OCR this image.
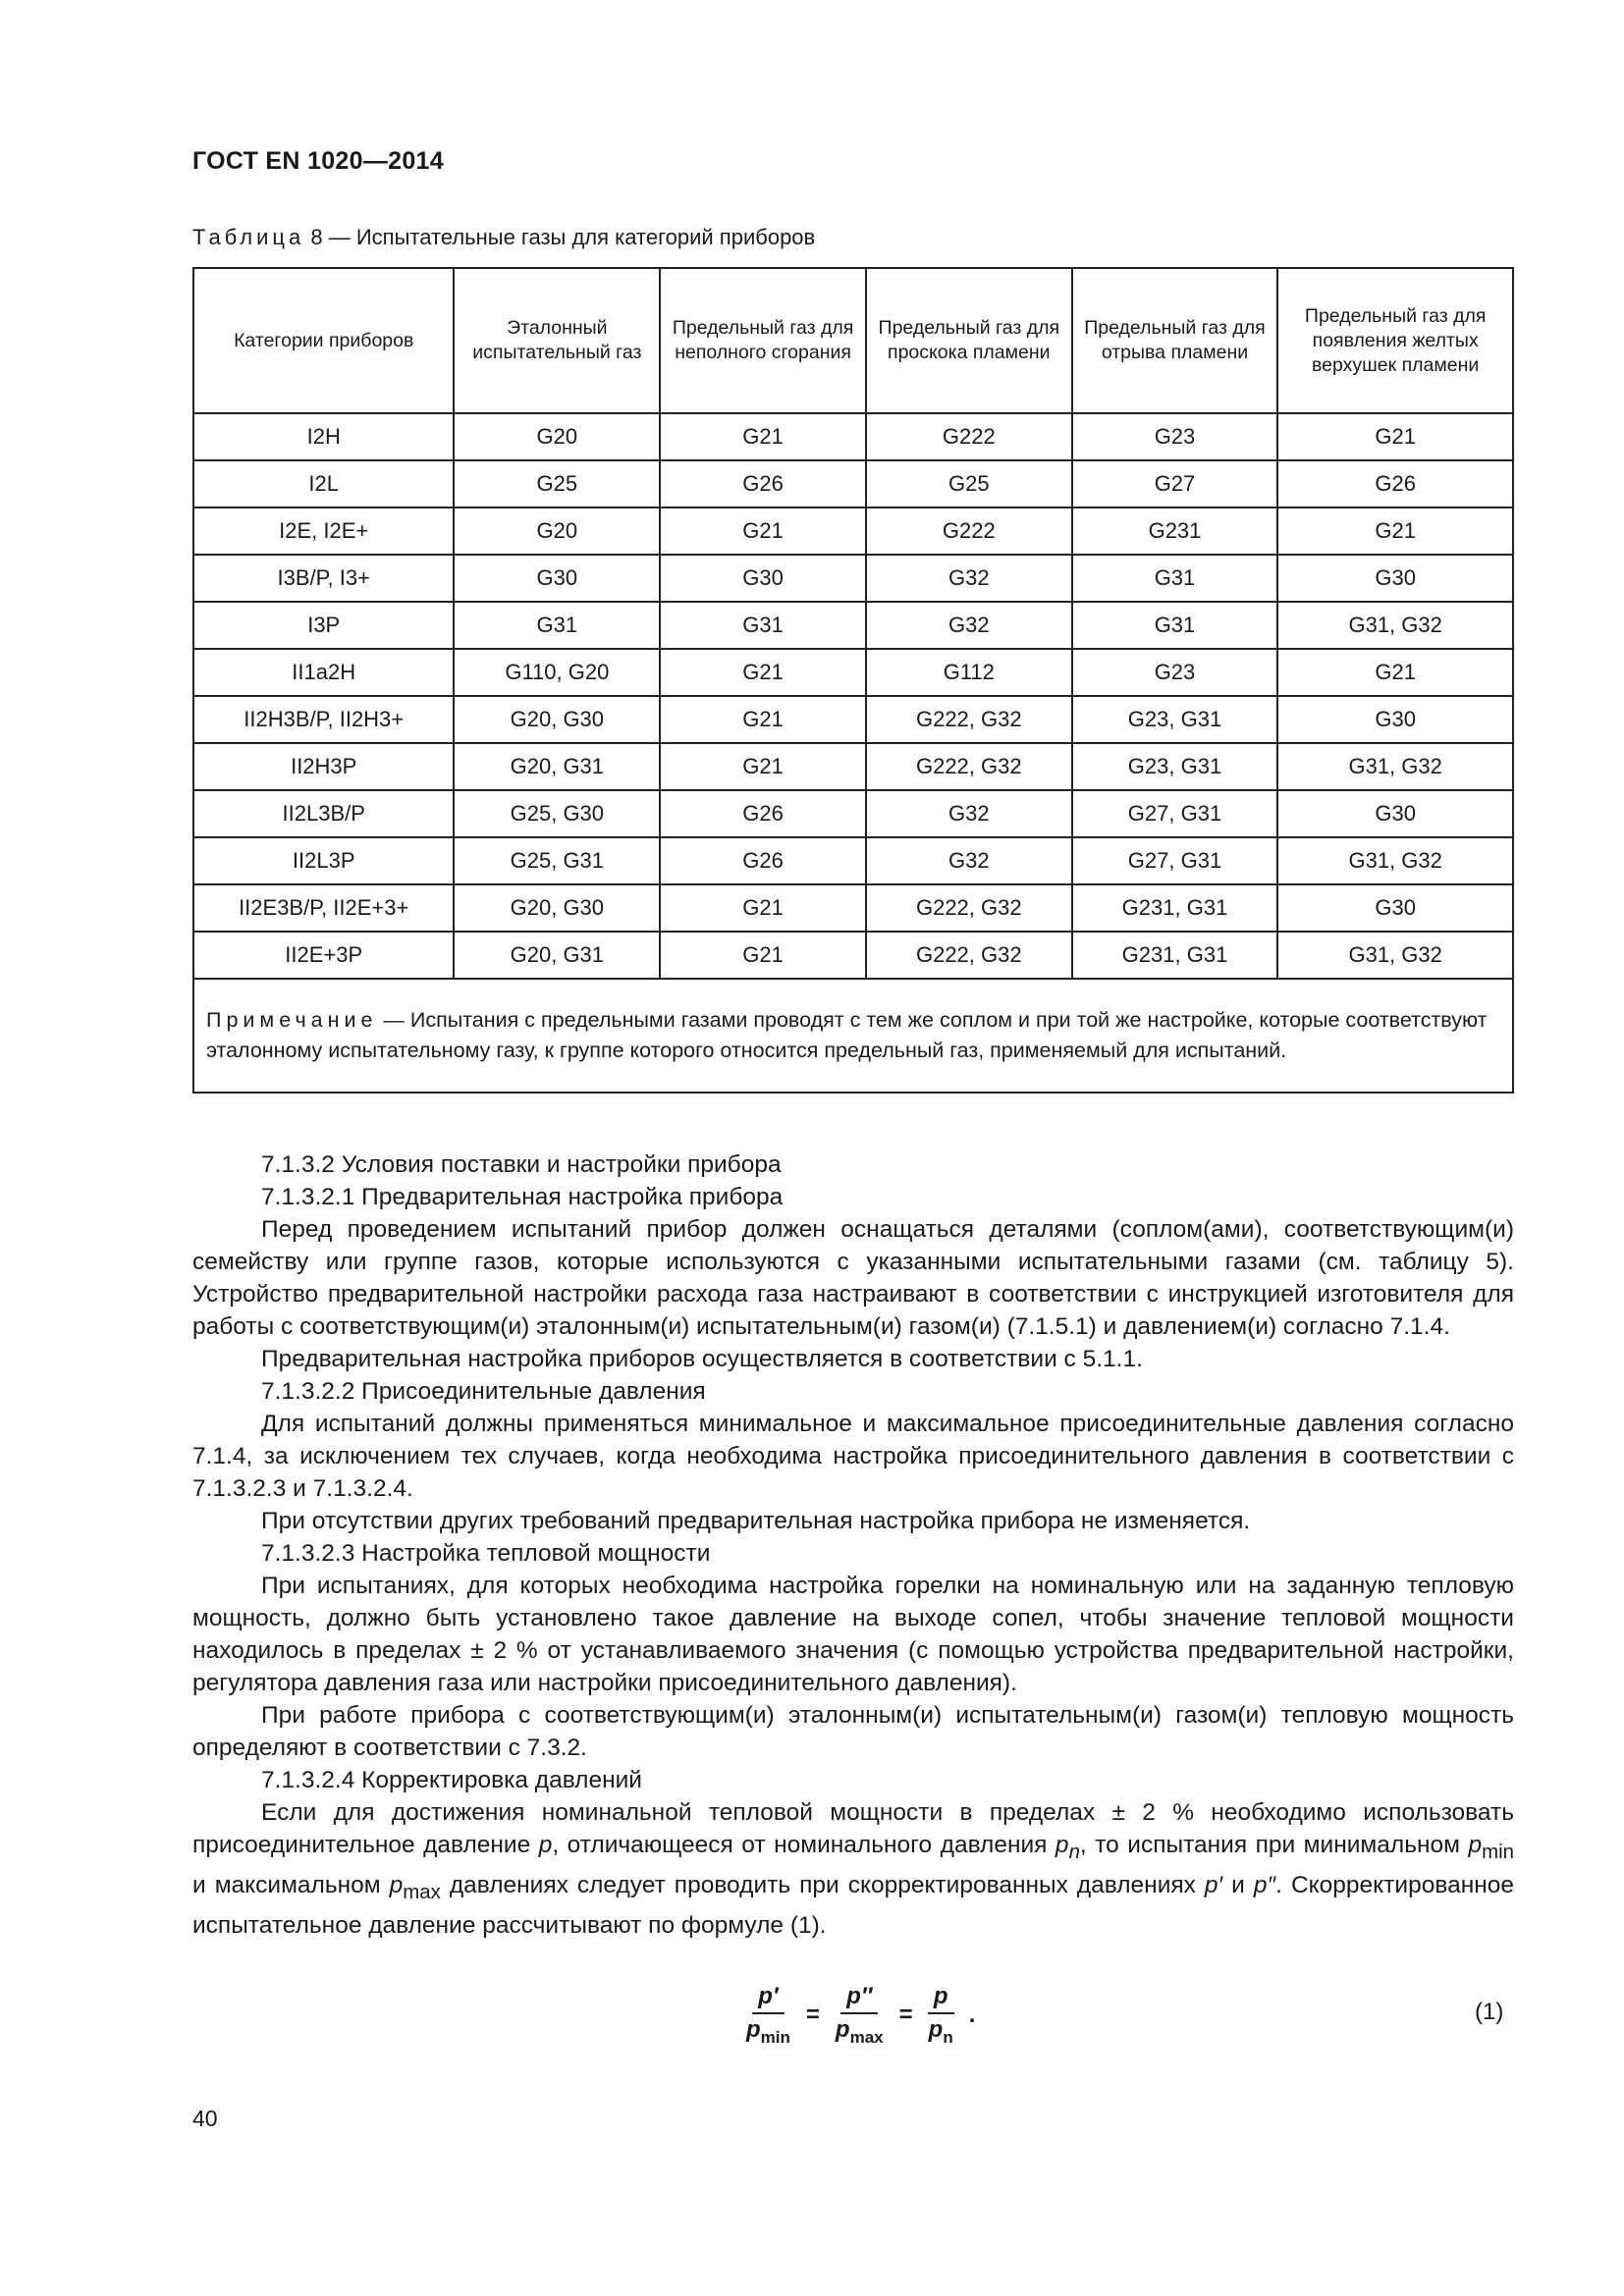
ГОСТ EN 1020—2014
Таблица 8 — Испытательные газы для категорий приборов
Категории приборов	Эталонный испытательный газ	Предельный газ для неполного сгорания	Предельный газ для проскока пламени	Предельный газ для отрыва пламени	Предельный газ для появления желтых верхушек пламени
I2H	G20	G21	G222	G23	G21
I2L	G25	G26	G25	G27	G26
I2E, I2E+	G20	G21	G222	G231	G21
I3B/P, I3+	G30	G30	G32	G31	G30
I3P	G31	G31	G32	G31	G31, G32
II1a2H	G110, G20	G21	G112	G23	G21
II2H3B/P, II2H3+	G20, G30	G21	G222, G32	G23, G31	G30
II2H3P	G20, G31	G21	G222, G32	G23, G31	G31, G32
II2L3B/P	G25, G30	G26	G32	G27, G31	G30
II2L3P	G25, G31	G26	G32	G27, G31	G31, G32
II2E3B/P, II2E+3+	G20, G30	G21	G222, G32	G231, G31	G30
II2E+3P	G20, G31	G21	G222, G32	G231, G31	G31, G32
Примечание — Испытания с предельными газами проводят с тем же соплом и при той же настройке, которые соответствуют эталонному испытательному газу, к группе которого относится предельный газ, применяемый для испытаний.					

7.1.3.2 Условия поставки и настройки прибора

7.1.3.2.1 Предварительная настройка прибора

Перед проведением испытаний прибор должен оснащаться деталями (соплом(ами), соответствующим(и) семейству или группе газов, которые используются с указанными испытательными газами (см. таблицу 5). Устройство предварительной настройки расхода газа настраивают в соответствии с инструкцией изготовителя для работы с соответствующим(и) эталонным(и) испытательным(и) газом(и) (7.1.5.1) и давлением(и) согласно 7.1.4.

Предварительная настройка приборов осуществляется в соответствии с 5.1.1.

7.1.3.2.2 Присоединительные давления

Для испытаний должны применяться минимальное и максимальное присоединительные давления согласно 7.1.4, за исключением тех случаев, когда необходима настройка присоединительного давления в соответствии с 7.1.3.2.3 и 7.1.3.2.4.

При отсутствии других требований предварительная настройка прибора не изменяется.

7.1.3.2.3 Настройка тепловой мощности

При испытаниях, для которых необходима настройка горелки на номинальную или на заданную тепловую мощность, должно быть установлено такое давление на выходе сопел, чтобы значение тепловой мощности находилось в пределах ± 2 % от устанавливаемого значения (с помощью устройства предварительной настройки, регулятора давления газа или настройки присоединительного давления).

При работе прибора с соответствующим(и) эталонным(и) испытательным(и) газом(и) тепловую мощность определяют в соответствии с 7.3.2.

7.1.3.2.4 Корректировка давлений

Если для достижения номинальной тепловой мощности в пределах ± 2 % необходимо использовать присоединительное давление p, отличающееся от номинального давления $p_n$, то испытания при минимальном $p_{min}$ и максимальном $p_{max}$ давлениях следует проводить при скорректированных давлениях p′ и p″. Скорректированное испытательное давление рассчитывают по формуле (1).

$\frac{p'}{p_{min}} = \frac{p''}{p_{max}} = \frac{p}{p_n}$ .	(1)
40
